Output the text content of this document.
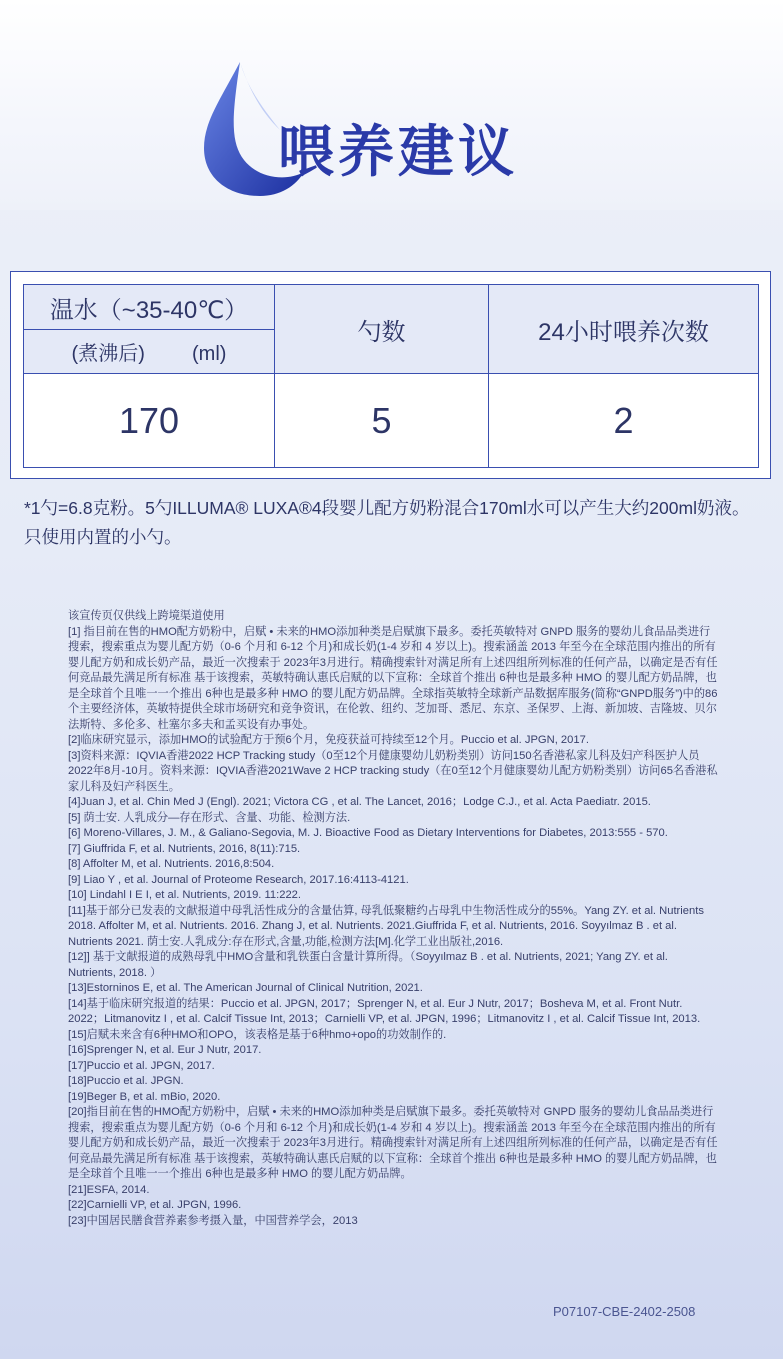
喂养建议
温水（~35-40℃）	勺数	24小时喂养次数
(煮沸后) (ml)		
170	5	2
*1勺=6.8克粉。5勺ILLUMA® LUXA®4段婴儿配方奶粉混合170ml水可以产生大约200ml奶液。
只使用内置的小勺。

该宣传页仅供线上跨境渠道使用

[1] 指目前在售的HMO配方奶粉中，启赋 • 未来的HMO添加种类是启赋旗下最多。委托英敏特对 GNPD 服务的婴幼儿食品品类进行搜索，搜索重点为婴儿配方奶（0-6 个月和 6-12 个月)和成长奶(1-4 岁和 4 岁以上)。搜索涵盖 2013 年至今在全球范围内推出的所有婴儿配方奶和成长奶产品，最近一次搜索于 2023年3月进行。精确搜索针对满足所有上述四组所列标准的任何产品，以确定是否有任何竞品最先满足所有标准 基于该搜索，英敏特确认惠氏启赋的以下宣称：全球首个推出 6种也是最多种 HMO 的婴儿配方奶品牌，也是全球首个且唯一一个推出 6种也是最多种 HMO 的婴儿配方奶品牌。全球指英敏特全球新产品数据库服务(简称“GNPD服务”)中的86个主要经济体，英敏特提供全球市场研究和竞争资讯，在伦敦、纽约、芝加哥、悉尼、东京、圣保罗、上海、新加坡、吉隆坡、贝尔法斯特、多伦多、杜塞尔多夫和孟买设有办事处。

[2]临床研究显示，添加HMO的试验配方于预6个月，免疫获益可持续至12个月。Puccio et al. JPGN, 2017.

[3]资料来源：IQVIA香港2022 HCP Tracking study（0至12个月健康婴幼儿奶粉类别）访问150名香港私家儿科及妇产科医护人员2022年8月-10月。资料来源：IQVIA香港2021Wave 2 HCP tracking study（在0至12个月健康婴幼儿配方奶粉类别）访问65名香港私家儿科及妇产科医生。

[4]Juan J, et al. Chin Med J (Engl). 2021; Victora CG , et al. The Lancet, 2016；Lodge C.J., et al. Acta Paediatr. 2015.

[5] 荫士安. 人乳成分—存在形式、含量、功能、检测方法.

[6] Moreno-Villares, J. M., & Galiano-Segovia, M. J. Bioactive Food as Dietary Interventions for Diabetes, 2013:555 - 570.

[7] Giuffrida F, et al. Nutrients, 2016, 8(11):715.

[8] Affolter M, et al. Nutrients. 2016,8:504.

[9] Liao Y , et al. Journal of Proteome Research, 2017.16:4113-4121.

[10] Lindahl I E I, et al. Nutrients, 2019. 11:222.

[11]基于部分已发表的文献报道中母乳活性成分的含量估算, 母乳低聚糖约占母乳中生物活性成分的55%。Yang ZY. et al. Nutrients 2018. Affolter M, et al. Nutrients. 2016. Zhang J, et al. Nutrients. 2021.Giuffrida F, et al. Nutrients, 2016. Soyyılmaz B . et al. Nutrients 2021. 荫士安.人乳成分:存在形式,含量,功能,检测方法[M].化学工业出版社,2016.

[12]] 基于文献报道的成熟母乳中HMO含量和乳铁蛋白含量计算所得。（Soyyılmaz B . et al. Nutrients, 2021; Yang ZY. et al. Nutrients, 2018. ）

[13]Estorninos E, et al. The American Journal of Clinical Nutrition, 2021.

[14]基于临床研究报道的结果：Puccio et al. JPGN, 2017；Sprenger N, et al. Eur J Nutr, 2017；Bosheva M, et al. Front Nutr. 2022；Litmanovitz I , et al. Calcif Tissue Int, 2013；Carnielli VP, et al. JPGN, 1996；Litmanovitz I , et al. Calcif Tissue Int, 2013.

[15]启赋未来含有6种HMO和OPO，该表格是基于6种hmo+opo的功效制作的.

[16]Sprenger N, et al. Eur J Nutr, 2017.

[17]Puccio et al. JPGN, 2017.

[18]Puccio et al. JPGN.

[19]Beger B, et al. mBio, 2020.

[20]指目前在售的HMO配方奶粉中，启赋 • 未来的HMO添加种类是启赋旗下最多。委托英敏特对 GNPD 服务的婴幼儿食品品类进行搜索，搜索重点为婴儿配方奶（0-6 个月和 6-12 个月)和成长奶(1-4 岁和 4 岁以上)。搜索涵盖 2013 年至今在全球范围内推出的所有婴儿配方奶和成长奶产品，最近一次搜索于 2023年3月进行。精确搜索针对满足所有上述四组所列标准的任何产品，以确定是否有任何竞品最先满足所有标准 基于该搜索，英敏特确认惠氏启赋的以下宣称：全球首个推出 6种也是最多种 HMO 的婴儿配方奶品牌，也是全球首个且唯一一个推出 6种也是最多种 HMO 的婴儿配方奶品牌。

[21]ESFA, 2014.

[22]Carnielli VP, et al. JPGN, 1996.

[23]中国居民膳食营养素参考摄入量，中国营养学会，2013

P07107-CBE-2402-2508
